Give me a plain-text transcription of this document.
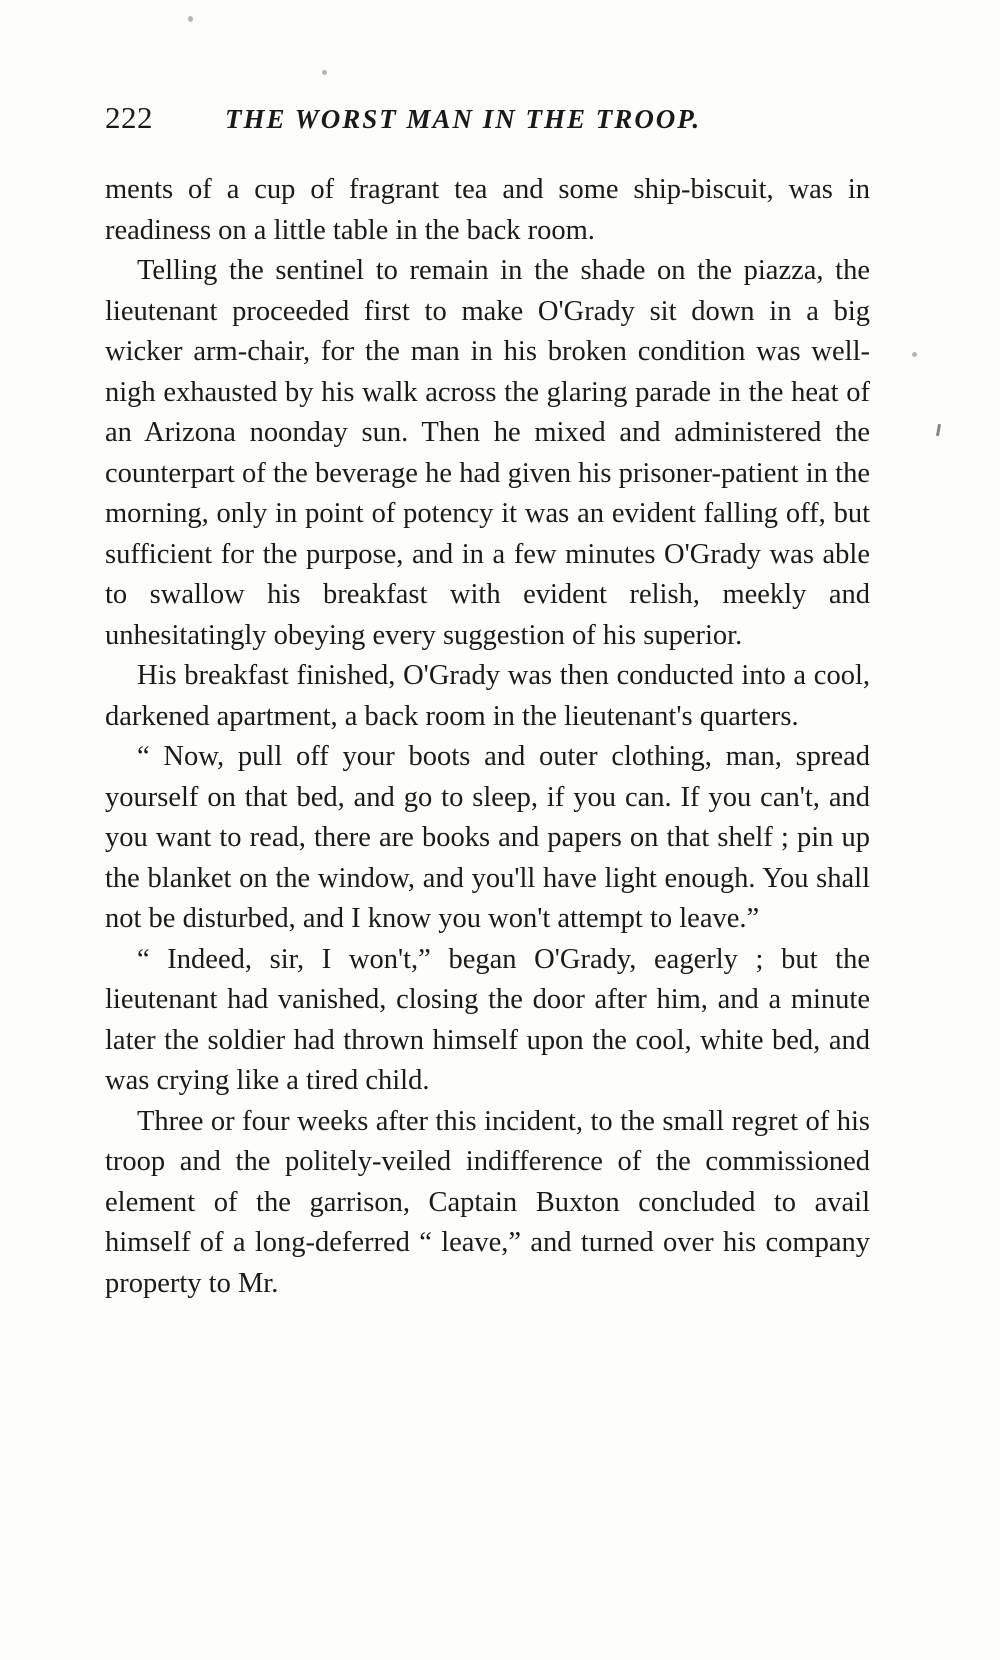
222	THE WORST MAN IN THE TROOP.

ments of a cup of fragrant tea and some ship-biscuit, was in readiness on a little table in the back room.

Telling the sentinel to remain in the shade on the piazza, the lieutenant proceeded first to make O'Grady sit down in a big wicker arm-chair, for the man in his broken condition was well-nigh exhausted by his walk across the glaring parade in the heat of an Arizona noonday sun. Then he mixed and administered the counterpart of the beverage he had given his prisoner-patient in the morning, only in point of potency it was an evident falling off, but sufficient for the purpose, and in a few minutes O'Grady was able to swallow his breakfast with evident relish, meekly and unhesitatingly obeying every suggestion of his superior.

His breakfast finished, O'Grady was then conducted into a cool, darkened apartment, a back room in the lieutenant's quarters.

“ Now, pull off your boots and outer clothing, man, spread yourself on that bed, and go to sleep, if you can. If you can't, and you want to read, there are books and papers on that shelf ; pin up the blanket on the window, and you'll have light enough. You shall not be disturbed, and I know you won't attempt to leave.”

“ Indeed, sir, I won't,” began O'Grady, eagerly ; but the lieutenant had vanished, closing the door after him, and a minute later the soldier had thrown himself upon the cool, white bed, and was crying like a tired child.

Three or four weeks after this incident, to the small regret of his troop and the politely-veiled indifference of the commissioned element of the garrison, Captain Buxton concluded to avail himself of a long-deferred “ leave,” and turned over his company property to Mr.
